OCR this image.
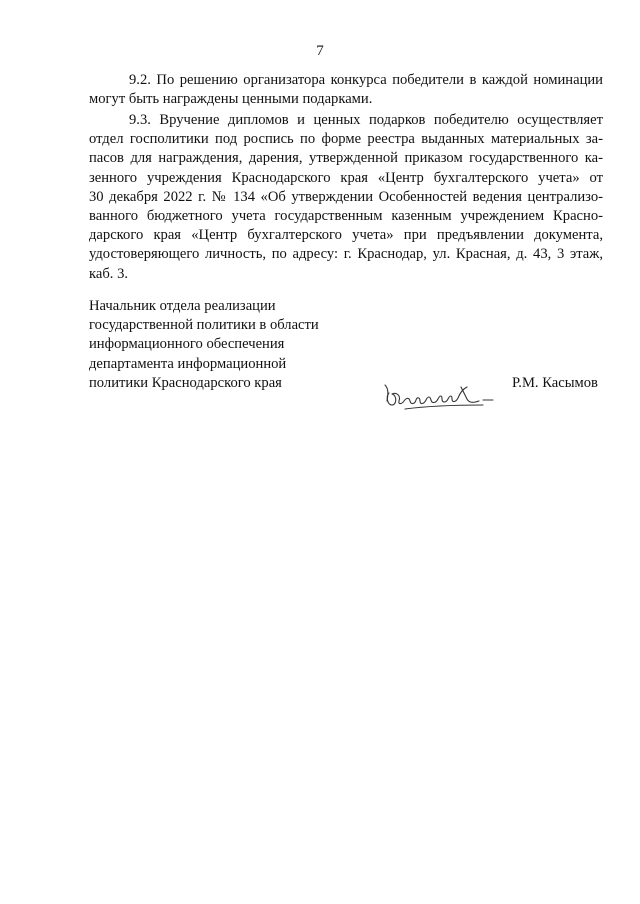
7
9.2. По решению организатора конкурса победители в каждой номинации
могут быть награждены ценными подарками.
9.3. Вручение дипломов и ценных подарков победителю осуществляет
отдел госполитики под роспись по форме реестра выданных материальных за-
пасов для награждения, дарения, утвержденной приказом государственного ка-
зенного учреждения Краснодарского края «Центр бухгалтерского учета» от
30 декабря 2022 г. № 134 «Об утверждении Особенностей ведения централизо-
ванного бюджетного учета государственным казенным учреждением Красно-
дарского края «Центр бухгалтерского учета» при предъявлении документа,
удостоверяющего личность, по адресу: г. Краснодар, ул. Красная, д. 43, 3 этаж,
каб. 3.
Начальник отдела реализации
государственной политики в области
информационного обеспечения
департамента информационной
политики Краснодарского края	Р.М. Касымов
